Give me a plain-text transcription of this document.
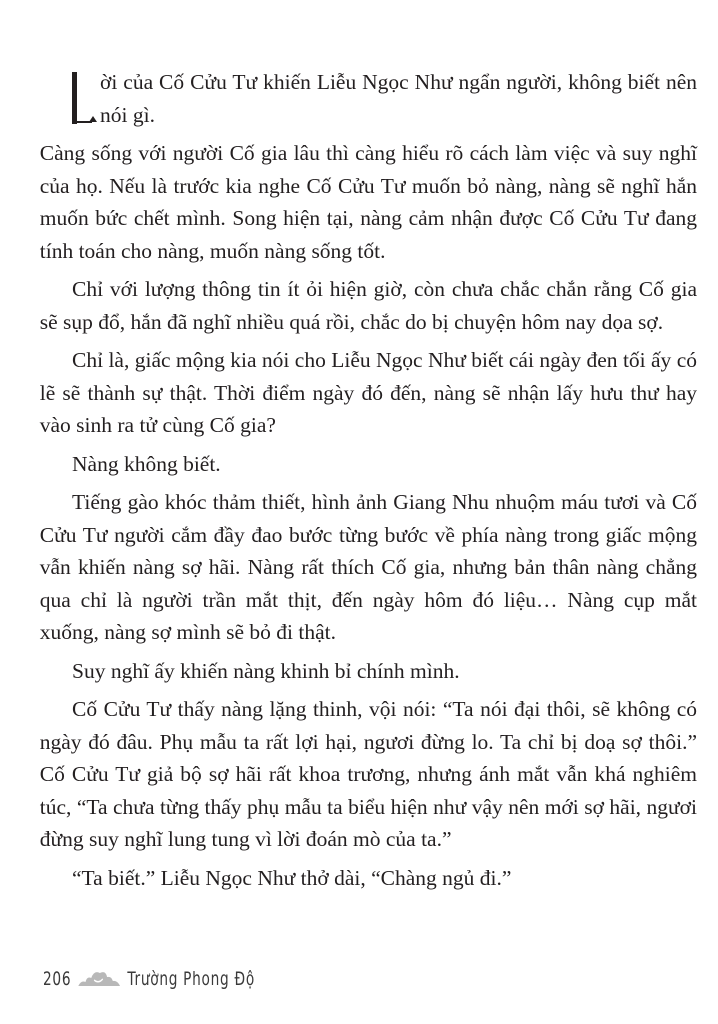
ời của Cố Cửu Tư khiến Liễu Ngọc Như ngẩn người, không biết nên nói gì.

Càng sống với người Cố gia lâu thì càng hiểu rõ cách làm việc và suy nghĩ của họ. Nếu là trước kia nghe Cố Cửu Tư muốn bỏ nàng, nàng sẽ nghĩ hắn muốn bức chết mình. Song hiện tại, nàng cảm nhận được Cố Cửu Tư đang tính toán cho nàng, muốn nàng sống tốt.

Chỉ với lượng thông tin ít ỏi hiện giờ, còn chưa chắc chắn rằng Cố gia sẽ sụp đổ, hắn đã nghĩ nhiều quá rồi, chắc do bị chuyện hôm nay dọa sợ.

Chỉ là, giấc mộng kia nói cho Liễu Ngọc Như biết cái ngày đen tối ấy có lẽ sẽ thành sự thật. Thời điểm ngày đó đến, nàng sẽ nhận lấy hưu thư hay vào sinh ra tử cùng Cố gia?

Nàng không biết.

Tiếng gào khóc thảm thiết, hình ảnh Giang Nhu nhuộm máu tươi và Cố Cửu Tư người cắm đầy đao bước từng bước về phía nàng trong giấc mộng vẫn khiến nàng sợ hãi. Nàng rất thích Cố gia, nhưng bản thân nàng chẳng qua chỉ là người trần mắt thịt, đến ngày hôm đó liệu… Nàng cụp mắt xuống, nàng sợ mình sẽ bỏ đi thật.

Suy nghĩ ấy khiến nàng khinh bỉ chính mình.

Cố Cửu Tư thấy nàng lặng thinh, vội nói: “Ta nói đại thôi, sẽ không có ngày đó đâu. Phụ mẫu ta rất lợi hại, ngươi đừng lo. Ta chỉ bị doạ sợ thôi.” Cố Cửu Tư giả bộ sợ hãi rất khoa trương, nhưng ánh mắt vẫn khá nghiêm túc, “Ta chưa từng thấy phụ mẫu ta biểu hiện như vậy nên mới sợ hãi, ngươi đừng suy nghĩ lung tung vì lời đoán mò của ta.”

“Ta biết.” Liễu Ngọc Như thở dài, “Chàng ngủ đi.”

206	Trường Phong Độ
